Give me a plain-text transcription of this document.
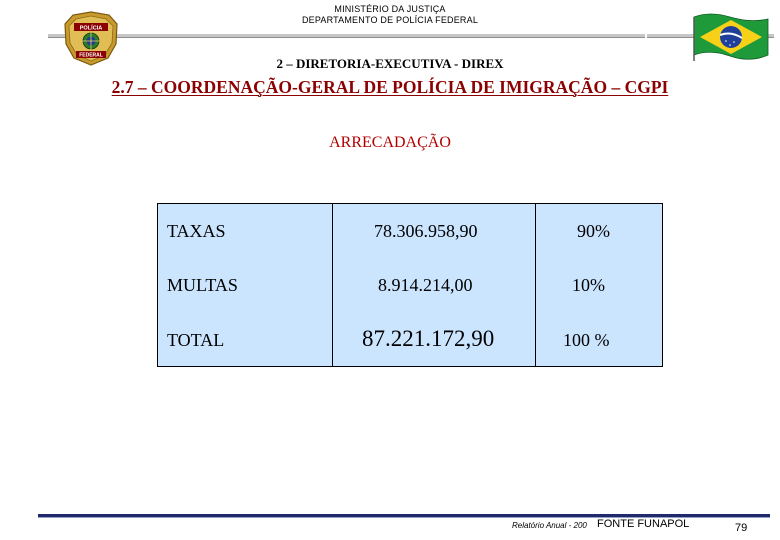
MINISTÉRIO DA JUSTIÇA
DEPARTAMENTO DE POLÍCIA FEDERAL
POLÍCIA
FEDERAL
2 – DIRETORIA-EXECUTIVA - DIREX
2.7 – COORDENAÇÃO-GERAL DE POLÍCIA DE IMIGRAÇÃO – CGPI
ARRECADAÇÃO
TAXAS	78.306.958,90	90%
MULTAS	8.914.214,00	10%
TOTAL	87.221.172,90	100 %
Relatório Anual - 200 FONTE FUNAPOL	79
